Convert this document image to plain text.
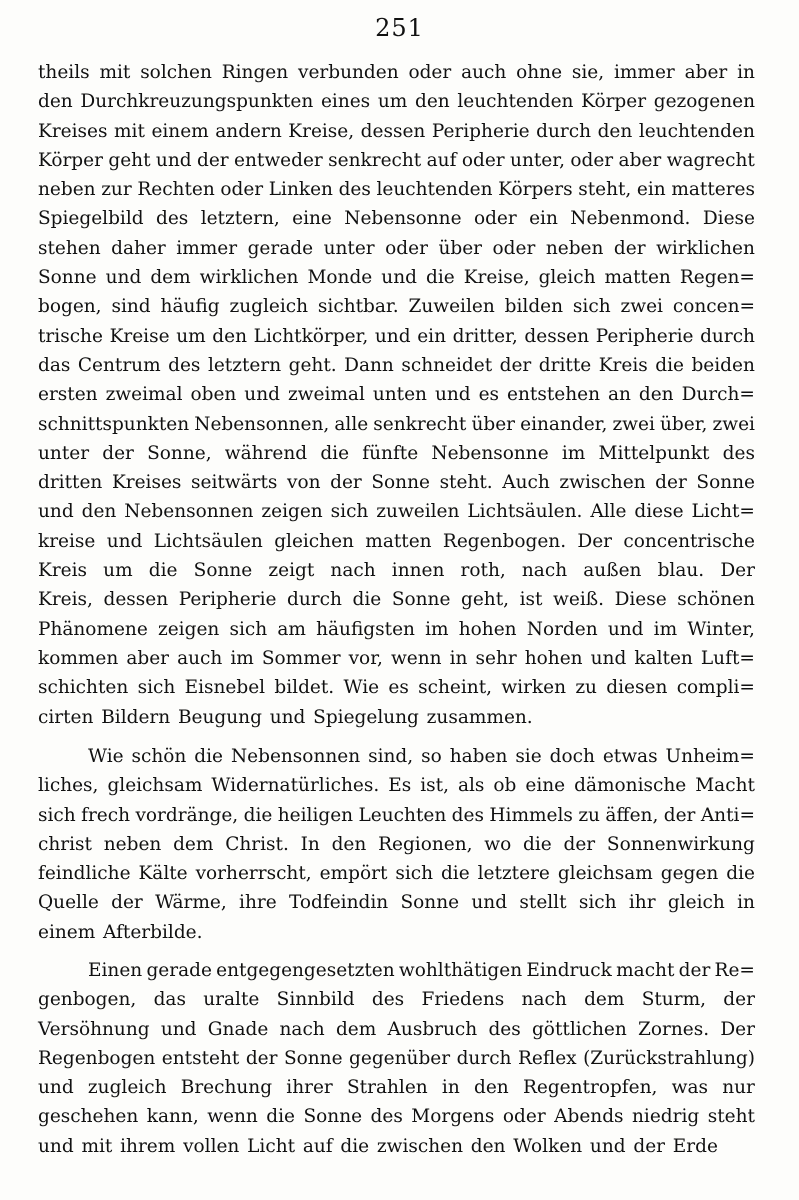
251
theils mit solchen Ringen verbunden oder auch ohne sie, immer aber in
den Durchkreuzungspunkten eines um den leuchtenden Körper gezogenen
Kreises mit einem andern Kreise, dessen Peripherie durch den leuchtenden
Körper geht und der entweder senkrecht auf oder unter, oder aber wagrecht
neben zur Rechten oder Linken des leuchtenden Körpers steht, ein matteres
Spiegelbild des letztern, eine Nebensonne oder ein Nebenmond. Diese
stehen daher immer gerade unter oder über oder neben der wirklichen
Sonne und dem wirklichen Monde und die Kreise, gleich matten Regen=
bogen, sind häufig zugleich sichtbar. Zuweilen bilden sich zwei concen=
trische Kreise um den Lichtkörper, und ein dritter, dessen Peripherie durch
das Centrum des letztern geht. Dann schneidet der dritte Kreis die beiden
ersten zweimal oben und zweimal unten und es entstehen an den Durch=
schnittspunkten Nebensonnen, alle senkrecht über einander, zwei über, zwei
unter der Sonne, während die fünfte Nebensonne im Mittelpunkt des
dritten Kreises seitwärts von der Sonne steht. Auch zwischen der Sonne
und den Nebensonnen zeigen sich zuweilen Lichtsäulen. Alle diese Licht=
kreise und Lichtsäulen gleichen matten Regenbogen. Der concentrische
Kreis um die Sonne zeigt nach innen roth, nach außen blau. Der
Kreis, dessen Peripherie durch die Sonne geht, ist weiß. Diese schönen
Phänomene zeigen sich am häufigsten im hohen Norden und im Winter,
kommen aber auch im Sommer vor, wenn in sehr hohen und kalten Luft=
schichten sich Eisnebel bildet. Wie es scheint, wirken zu diesen compli=
cirten Bildern Beugung und Spiegelung zusammen.
Wie schön die Nebensonnen sind, so haben sie doch etwas Unheim=
liches, gleichsam Widernatürliches. Es ist, als ob eine dämonische Macht
sich frech vordränge, die heiligen Leuchten des Himmels zu äffen, der Anti=
christ neben dem Christ. In den Regionen, wo die der Sonnenwirkung
feindliche Kälte vorherrscht, empört sich die letztere gleichsam gegen die
Quelle der Wärme, ihre Todfeindin Sonne und stellt sich ihr gleich in
einem Afterbilde.
Einen gerade entgegengesetzten wohlthätigen Eindruck macht der Re=
genbogen, das uralte Sinnbild des Friedens nach dem Sturm, der
Versöhnung und Gnade nach dem Ausbruch des göttlichen Zornes. Der
Regenbogen entsteht der Sonne gegenüber durch Reflex (Zurückstrahlung)
und zugleich Brechung ihrer Strahlen in den Regentropfen, was nur
geschehen kann, wenn die Sonne des Morgens oder Abends niedrig steht
und mit ihrem vollen Licht auf die zwischen den Wolken und der Erde
